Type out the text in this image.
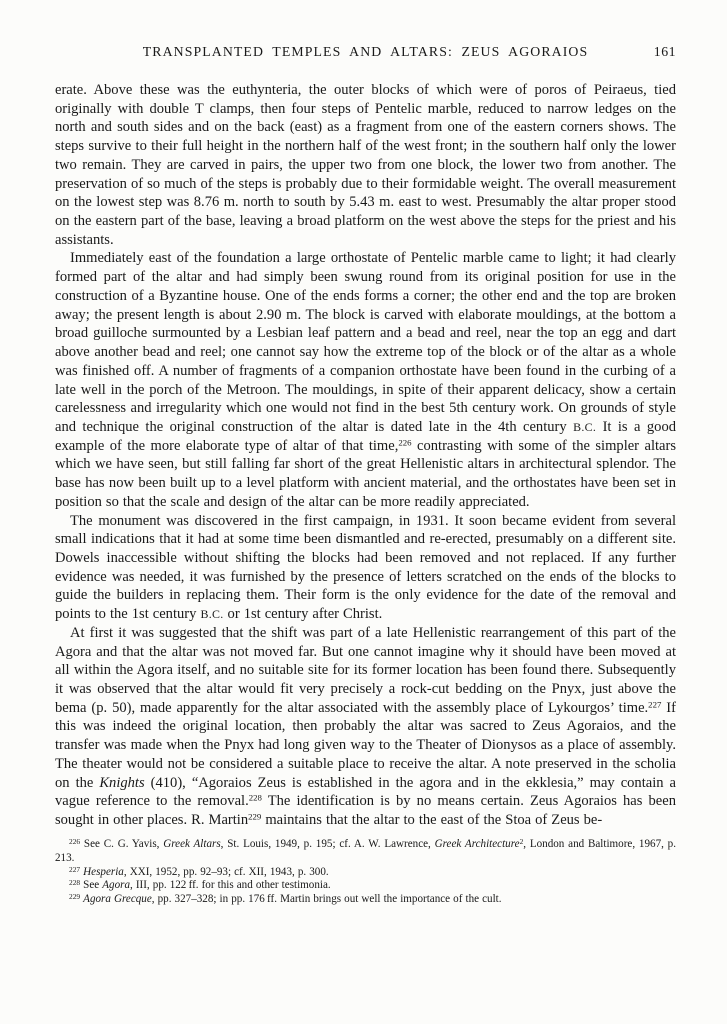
TRANSPLANTED TEMPLES AND ALTARS: ZEUS AGORAIOS	161

erate. Above these was the euthynteria, the outer blocks of which were of poros of Peiraeus, tied originally with double T clamps, then four steps of Pentelic marble, reduced to narrow ledges on the north and south sides and on the back (east) as a fragment from one of the eastern corners shows. The steps survive to their full height in the northern half of the west front; in the southern half only the lower two remain. They are carved in pairs, the upper two from one block, the lower two from another. The preservation of so much of the steps is probably due to their formidable weight. The overall measurement on the lowest step was 8.76 m. north to south by 5.43 m. east to west. Presumably the altar proper stood on the eastern part of the base, leaving a broad platform on the west above the steps for the priest and his assistants.

Immediately east of the foundation a large orthostate of Pentelic marble came to light; it had clearly formed part of the altar and had simply been swung round from its original position for use in the construction of a Byzantine house. One of the ends forms a corner; the other end and the top are broken away; the present length is about 2.90 m. The block is carved with elaborate mouldings, at the bottom a broad guilloche surmounted by a Lesbian leaf pattern and a bead and reel, near the top an egg and dart above another bead and reel; one cannot say how the extreme top of the block or of the altar as a whole was finished off. A number of fragments of a companion orthostate have been found in the curbing of a late well in the porch of the Metroon. The mouldings, in spite of their apparent delicacy, show a certain carelessness and irregularity which one would not find in the best 5th century work. On grounds of style and technique the original construction of the altar is dated late in the 4th century B.C. It is a good example of the more elaborate type of altar of that time,$^{226}$ contrasting with some of the simpler altars which we have seen, but still falling far short of the great Hellenistic altars in architectural splendor. The base has now been built up to a level platform with ancient material, and the orthostates have been set in position so that the scale and design of the altar can be more readily appreciated.

The monument was discovered in the first campaign, in 1931. It soon became evident from several small indications that it had at some time been dismantled and re-erected, presumably on a different site. Dowels inaccessible without shifting the blocks had been removed and not replaced. If any further evidence was needed, it was furnished by the presence of letters scratched on the ends of the blocks to guide the builders in replacing them. Their form is the only evidence for the date of the removal and points to the 1st century B.C. or 1st century after Christ.

At first it was suggested that the shift was part of a late Hellenistic rearrangement of this part of the Agora and that the altar was not moved far. But one cannot imagine why it should have been moved at all within the Agora itself, and no suitable site for its former location has been found there. Subsequently it was observed that the altar would fit very precisely a rock-cut bedding on the Pnyx, just above the bema (p. 50), made apparently for the altar associated with the assembly place of Lykourgos’ time.$^{227}$ If this was indeed the original location, then probably the altar was sacred to Zeus Agoraios, and the transfer was made when the Pnyx had long given way to the Theater of Dionysos as a place of assembly. The theater would not be considered a suitable place to receive the altar. A note preserved in the scholia on the Knights (410), “Agoraios Zeus is established in the agora and in the ekklesia,” may contain a vague reference to the removal.$^{228}$ The identification is by no means certain. Zeus Agoraios has been sought in other places. R. Martin$^{229}$ maintains that the altar to the east of the Stoa of Zeus be-

$^{226}$ See C. G. Yavis, Greek Altars, St. Louis, 1949, p. 195; cf. A. W. Lawrence, Greek Architecture$^2$, London and Baltimore, 1967, p. 213.

$^{227}$ Hesperia, XXI, 1952, pp. 92–93; cf. XII, 1943, p. 300.

$^{228}$ See Agora, III, pp. 122 ff. for this and other testimonia.

$^{229}$ Agora Grecque, pp. 327–328; in pp. 176 ff. Martin brings out well the importance of the cult.
